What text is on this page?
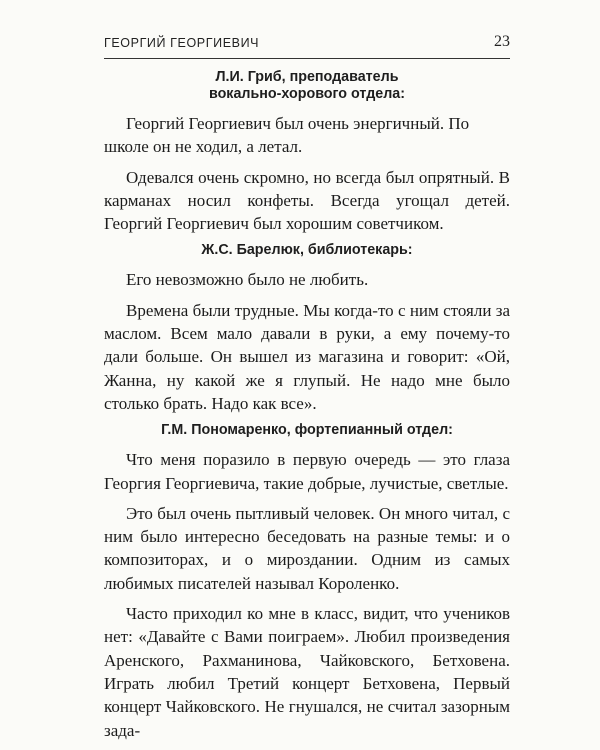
ГЕОРГИЙ ГЕОРГИЕВИЧ	23
Л.И. Гриб, преподаватель
вокально-хорового отдела:

Георгий Георгиевич был очень энергичный. По школе он не ходил, а летал.

Одевался очень скромно, но всегда был опрятный. В карманах носил конфеты. Всегда угощал детей. Георгий Георгиевич был хорошим советчиком.

Ж.С. Барелюк, библиотекарь:

Его невозможно было не любить.

Времена были трудные. Мы когда-то с ним стояли за маслом. Всем мало давали в руки, а ему почему-то дали больше. Он вышел из магазина и говорит: «Ой, Жанна, ну какой же я глупый. Не надо мне было столько брать. Надо как все».

Г.М. Пономаренко, фортепианный отдел:

Что меня поразило в первую очередь — это глаза Георгия Георгиевича, такие добрые, лучистые, светлые.

Это был очень пытливый человек. Он много читал, с ним было интересно беседовать на разные темы: и о композиторах, и о мироздании. Одним из самых любимых писателей называл Короленко.

Часто приходил ко мне в класс, видит, что учеников нет: «Давайте с Вами поиграем». Любил произведения Аренского, Рахманинова, Чайковского, Бетховена. Играть любил Третий концерт Бетховена, Первый концерт Чайковского. Не гнушался, не считал зазорным зада-
